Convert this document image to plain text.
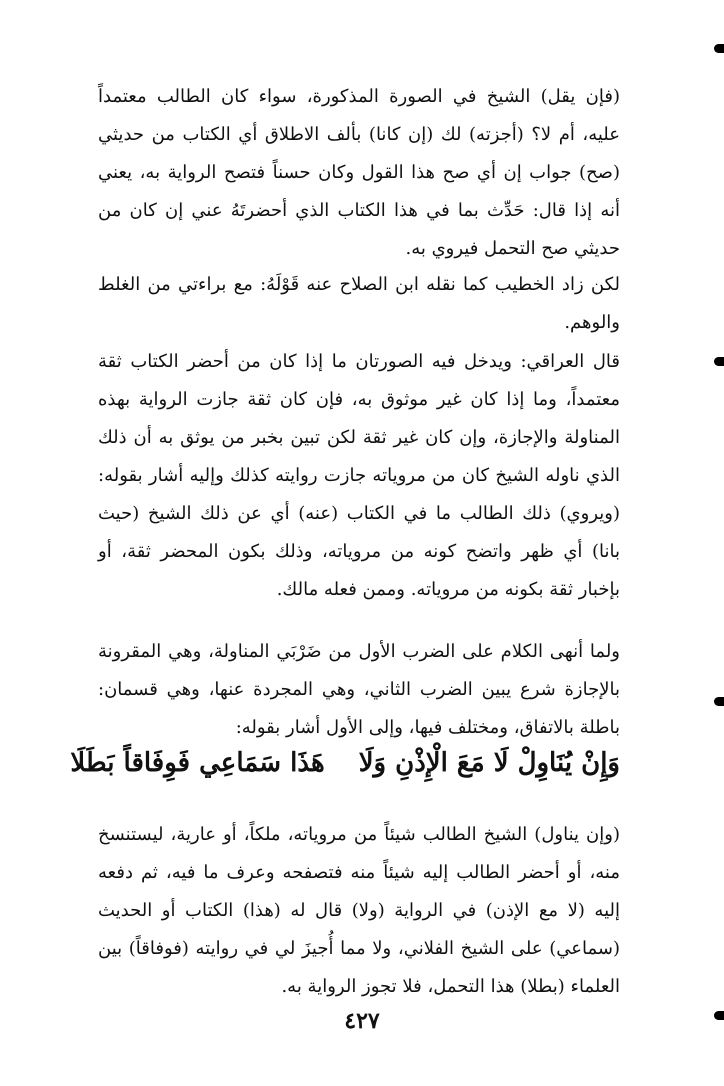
(فإن يقل) الشيخ في الصورة المذكورة، سواء كان الطالب معتمداً عليه، أم لا؟ (أجزته) لك (إن كانا) بألف الاطلاق أي الكتاب من حديثي (صح) جواب إن أي صح هذا القول وكان حسناً فتصح الرواية به، يعني أنه إذا قال: حَدِّث بما في هذا الكتاب الذي أحضرتَهُ عني إن كان من حديثي صح التحمل فيروي به.

لكن زاد الخطيب كما نقله ابن الصلاح عنه قَوْلَهُ: مع براءتي من الغلط والوهم.

قال العراقي: ويدخل فيه الصورتان ما إذا كان من أحضر الكتاب ثقة معتمداً، وما إذا كان غير موثوق به، فإن كان ثقة جازت الرواية بهذه المناولة والإجازة، وإن كان غير ثقة لكن تبين بخبر من يوثق به أن ذلك الذي ناوله الشيخ كان من مروياته جازت روايته كذلك وإليه أشار بقوله: (ويروي) ذلك الطالب ما في الكتاب (عنه) أي عن ذلك الشيخ (حيث بانا) أي ظهر واتضح كونه من مروياته، وذلك بكون المحضر ثقة، أو بإخبار ثقة بكونه من مروياته. وممن فعله مالك.

ولما أنهى الكلام على الضرب الأول من ضَرْبَي المناولة، وهي المقرونة بالإجازة شرع يبين الضرب الثاني، وهي المجردة عنها، وهي قسمان: باطلة بالاتفاق، ومختلف فيها، وإلى الأول أشار بقوله:

وَإِنْ يُنَاوِلْ لَا مَعَ الْإِذْنِ وَلَاهَذَا سَمَاعِي فَوِفَاقاً بَطَلَا

(وإن يناول) الشيخ الطالب شيئاً من مروياته، ملكاً، أو عارية، ليستنسخ منه، أو أحضر الطالب إليه شيئاً منه فتصفحه وعرف ما فيه، ثم دفعه إليه (لا مع الإذن) في الرواية (ولا) قال له (هذا) الكتاب أو الحديث (سماعي) على الشيخ الفلاني، ولا مما أُجيزَ لي في روايته (فوفاقاً) بين العلماء (بطلا) هذا التحمل، فلا تجوز الرواية به.

٤٢٧
